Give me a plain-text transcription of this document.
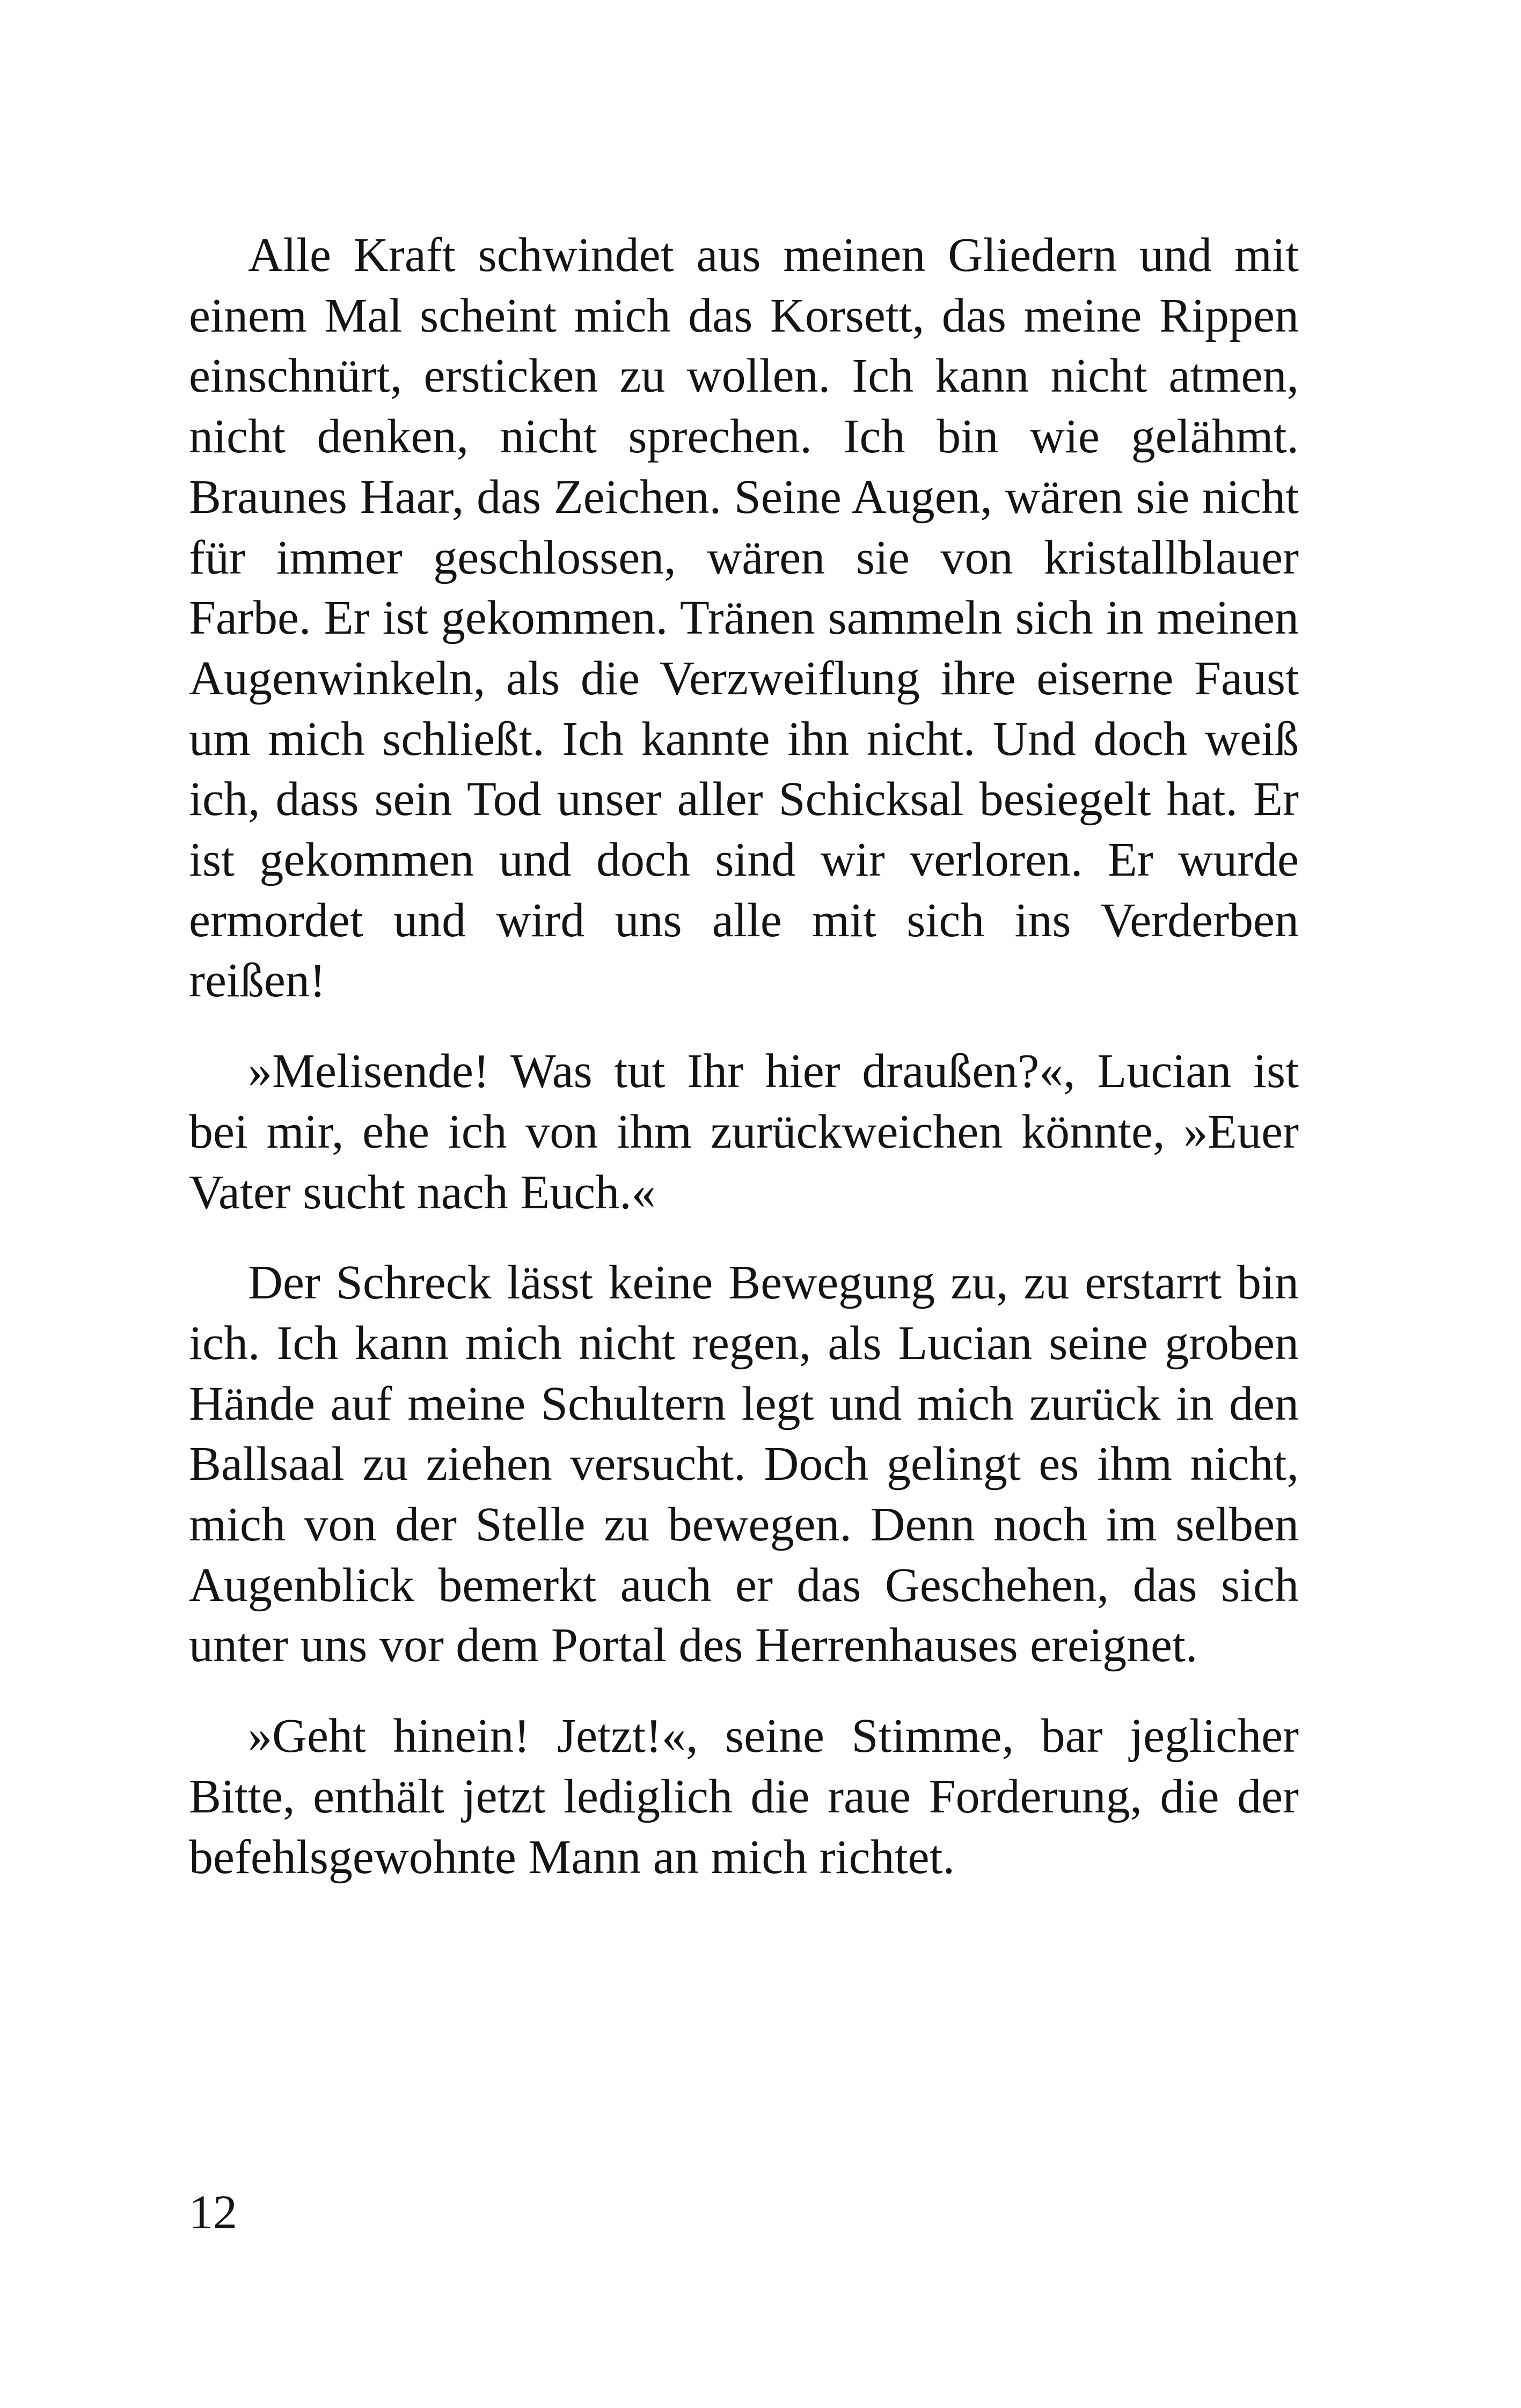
Alle Kraft schwindet aus meinen Gliedern und mit einem Mal scheint mich das Korsett, das meine Rippen einschnürt, ersticken zu wollen. Ich kann nicht atmen, nicht denken, nicht sprechen. Ich bin wie gelähmt. Braunes Haar, das Zeichen. Seine Augen, wären sie nicht für immer geschlossen, wären sie von kristallblauer Farbe. Er ist gekommen. Tränen sammeln sich in meinen Augenwinkeln, als die Verzweiflung ihre eiserne Faust um mich schließt. Ich kannte ihn nicht. Und doch weiß ich, dass sein Tod unser aller Schicksal besiegelt hat. Er ist gekommen und doch sind wir verloren. Er wurde ermordet und wird uns alle mit sich ins Verderben reißen!

»Melisende! Was tut Ihr hier draußen?«, Lucian ist bei mir, ehe ich von ihm zurückweichen könnte, »Euer Vater sucht nach Euch.«

Der Schreck lässt keine Bewegung zu, zu erstarrt bin ich. Ich kann mich nicht regen, als Lucian seine groben Hände auf meine Schultern legt und mich zurück in den Ballsaal zu ziehen versucht. Doch gelingt es ihm nicht, mich von der Stelle zu bewegen. Denn noch im selben Augenblick bemerkt auch er das Geschehen, das sich unter uns vor dem Portal des Herrenhauses ereignet.

»Geht hinein! Jetzt!«, seine Stimme, bar jeglicher Bitte, enthält jetzt lediglich die raue Forderung, die der befehlsgewohnte Mann an mich richtet.

12
